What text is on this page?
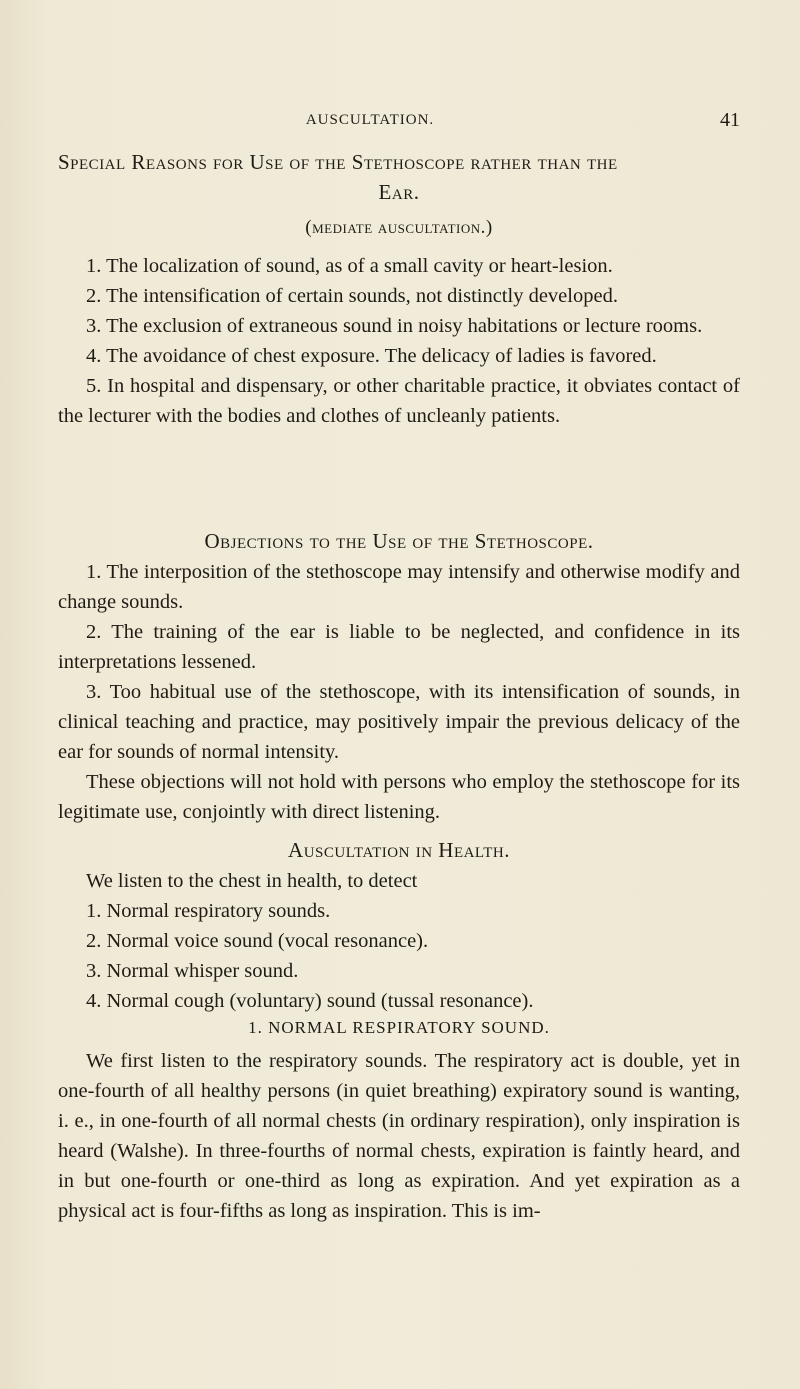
AUSCULTATION.	41
Special Reasons for Use of the Stethoscope rather than the
Ear.
(mediate auscultation.)

1. The localization of sound, as of a small cavity or heart-lesion.

2. The intensification of certain sounds, not distinctly developed.

3. The exclusion of extraneous sound in noisy habitations or lecture rooms.

4. The avoidance of chest exposure. The delicacy of ladies is favored.

5. In hospital and dispensary, or other charitable practice, it obviates contact of the lecturer with the bodies and clothes of uncleanly patients.

Objections to the Use of the Stethoscope.

1. The interposition of the stethoscope may intensify and otherwise modify and change sounds.

2. The training of the ear is liable to be neglected, and confidence in its interpretations lessened.

3. Too habitual use of the stethoscope, with its intensification of sounds, in clinical teaching and practice, may positively impair the previous delicacy of the ear for sounds of normal intensity.

These objections will not hold with persons who employ the stethoscope for its legitimate use, conjointly with direct listening.

Auscultation in Health.

We listen to the chest in health, to detect

1. Normal respiratory sounds.

2. Normal voice sound (vocal resonance).

3. Normal whisper sound.

4. Normal cough (voluntary) sound (tussal resonance).

1. NORMAL RESPIRATORY SOUND.

We first listen to the respiratory sounds. The respiratory act is double, yet in one-fourth of all healthy persons (in quiet breathing) expiratory sound is wanting, i. e., in one-fourth of all normal chests (in ordinary respiration), only inspiration is heard (Walshe). In three-fourths of normal chests, expiration is faintly heard, and in but one-fourth or one-third as long as expiration. And yet expiration as a physical act is four-fifths as long as inspiration. This is im-
